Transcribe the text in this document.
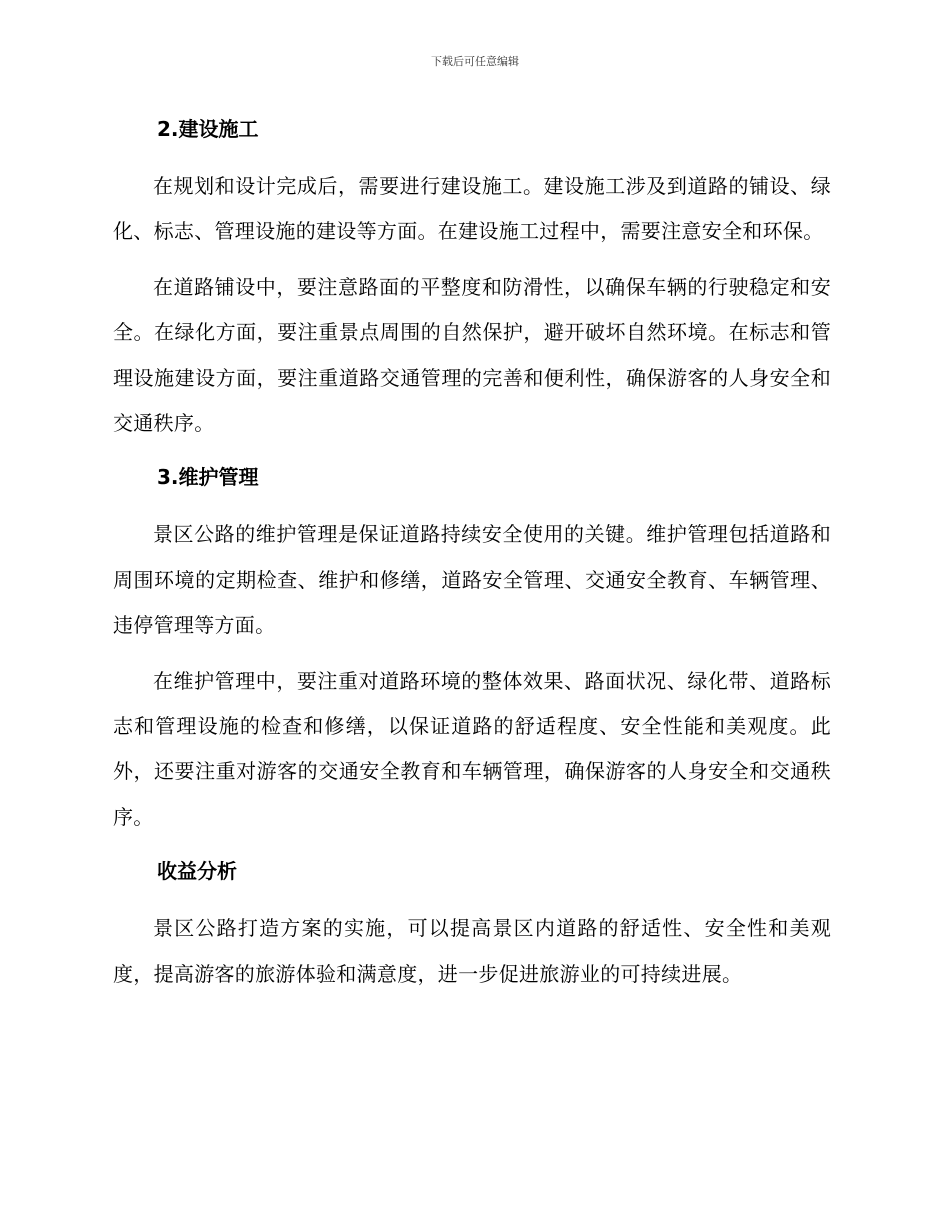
下载后可任意编辑
2.建设施工

在规划和设计完成后，需要进行建设施工。建设施工涉及到道路的铺设、绿化、标志、管理设施的建设等方面。在建设施工过程中，需要注意安全和环保。

在道路铺设中，要注意路面的平整度和防滑性，以确保车辆的行驶稳定和安全。在绿化方面，要注重景点周围的自然保护，避开破坏自然环境。在标志和管理设施建设方面，要注重道路交通管理的完善和便利性，确保游客的人身安全和交通秩序。

3.维护管理

景区公路的维护管理是保证道路持续安全使用的关键。维护管理包括道路和周围环境的定期检查、维护和修缮，道路安全管理、交通安全教育、车辆管理、违停管理等方面。

在维护管理中，要注重对道路环境的整体效果、路面状况、绿化带、道路标志和管理设施的检查和修缮，以保证道路的舒适程度、安全性能和美观度。此外，还要注重对游客的交通安全教育和车辆管理，确保游客的人身安全和交通秩序。

收益分析

景区公路打造方案的实施，可以提高景区内道路的舒适性、安全性和美观度，提高游客的旅游体验和满意度，进一步促进旅游业的可持续进展。
